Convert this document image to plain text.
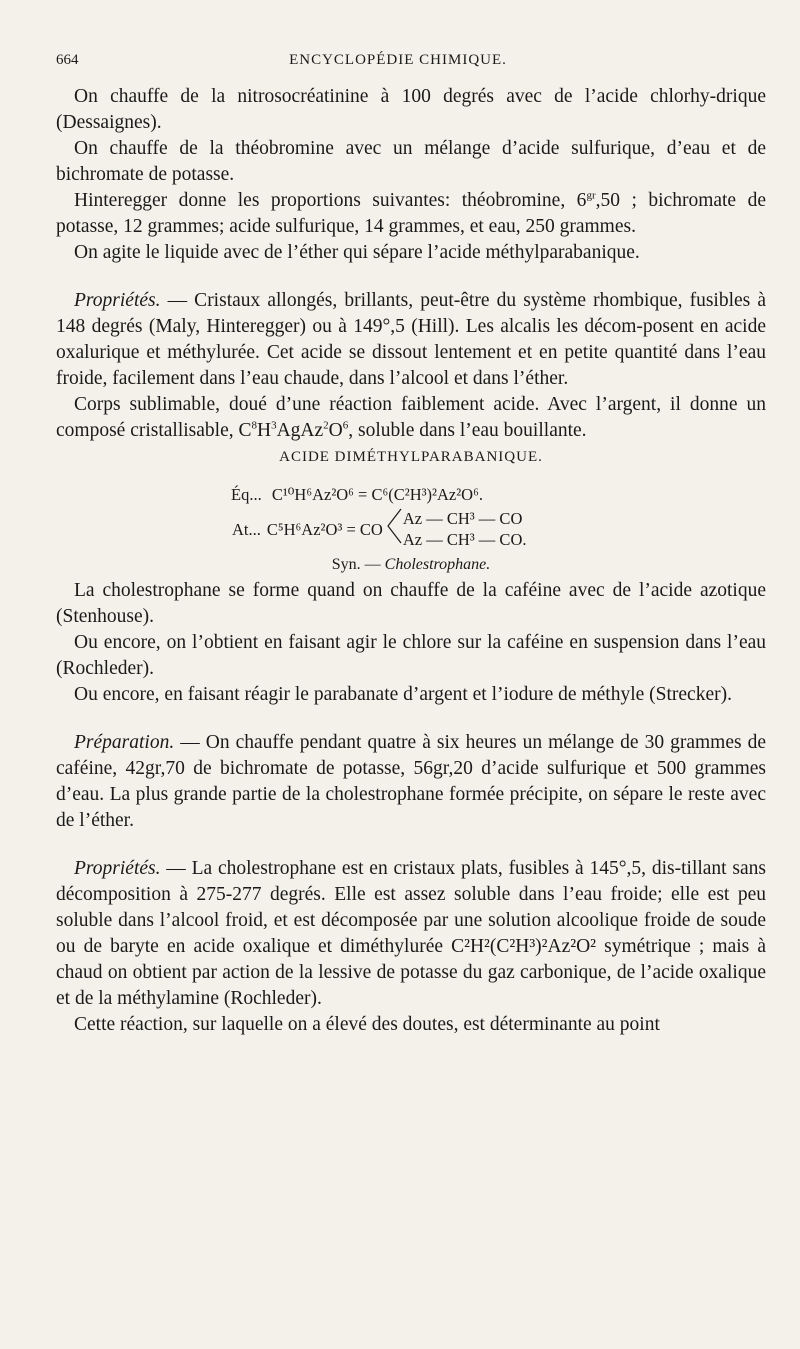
664	ENCYCLOPÉDIE CHIMIQUE.

On chauffe de la nitrosocréatinine à 100 degrés avec de l’acide chlorhy-drique (Dessaignes).

On chauffe de la théobromine avec un mélange d’acide sulfurique, d’eau et de bichromate de potasse.

Hinteregger donne les proportions suivantes: théobromine, $6^{gr},50$ ; bichromate de potasse, 12 grammes; acide sulfurique, 14 grammes, et eau, 250 grammes.

On agite le liquide avec de l’éther qui sépare l’acide méthylparabanique.

Propriétés. — Cristaux allongés, brillants, peut-être du système rhombique, fusibles à 148 degrés (Maly, Hinteregger) ou à 149°,5 (Hill). Les alcalis les décom-posent en acide oxalurique et méthylurée. Cet acide se dissout lentement et en petite quantité dans l’eau froide, facilement dans l’eau chaude, dans l’alcool et dans l’éther.

Corps sublimable, doué d’une réaction faiblement acide. Avec l’argent, il donne un composé cristallisable, $C^8H^3AgAz^2O^6$, soluble dans l’eau bouillante.

ACIDE DIMÉTHYLPARABANIQUE.

Éq... C¹⁰H⁶Az²O⁶ = C⁶(C²H³)²Az²O⁶.
At... C⁵H⁶Az²O³ = CO
Az — CH³ — CO
Az — CH³ — CO.

Syn. — Cholestrophane.

La cholestrophane se forme quand on chauffe de la caféine avec de l’acide azotique (Stenhouse).

Ou encore, on l’obtient en faisant agir le chlore sur la caféine en suspension dans l’eau (Rochleder).

Ou encore, en faisant réagir le parabanate d’argent et l’iodure de méthyle (Strecker).

Préparation. — On chauffe pendant quatre à six heures un mélange de 30 grammes de caféine, 42gr,70 de bichromate de potasse, 56gr,20 d’acide sulfurique et 500 grammes d’eau. La plus grande partie de la cholestrophane formée précipite, on sépare le reste avec de l’éther.

Propriétés. — La cholestrophane est en cristaux plats, fusibles à 145°,5, dis-tillant sans décomposition à 275-277 degrés. Elle est assez soluble dans l’eau froide; elle est peu soluble dans l’alcool froid, et est décomposée par une solution alcoolique froide de soude ou de baryte en acide oxalique et diméthylurée C²H²(C²H³)²Az²O² symétrique ; mais à chaud on obtient par action de la lessive de potasse du gaz carbonique, de l’acide oxalique et de la méthylamine (Rochleder).

Cette réaction, sur laquelle on a élevé des doutes, est déterminante au point
